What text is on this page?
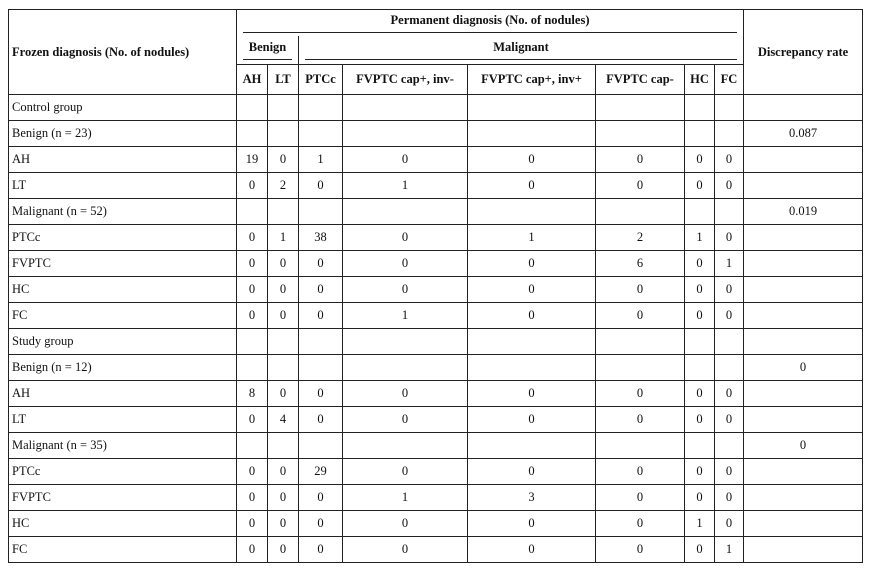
Frozen diagnosis (No. of nodules)	Permanent diagnosis (No. of nodules)								Discrepancy rate

	Benign		Malignant						

	AH	LT	PTCc	FVPTC cap+, inv-	FVPTC cap+, inv+	FVPTC cap-	HC	FC	
Control group									
Benign (n = 23)									0.087
AH	19	0	1	0	0	0	0	0	
LT	0	2	0	1	0	0	0	0	
Malignant (n = 52)									0.019
PTCc	0	1	38	0	1	2	1	0	
FVPTC	0	0	0	0	0	6	0	1	
HC	0	0	0	0	0	0	0	0	
FC	0	0	0	1	0	0	0	0	
Study group									
Benign (n = 12)									0
AH	8	0	0	0	0	0	0	0	
LT	0	4	0	0	0	0	0	0	
Malignant (n = 35)									0
PTCc	0	0	29	0	0	0	0	0	
FVPTC	0	0	0	1	3	0	0	0	
HC	0	0	0	0	0	0	1	0	
FC	0	0	0	0	0	0	0	1	
